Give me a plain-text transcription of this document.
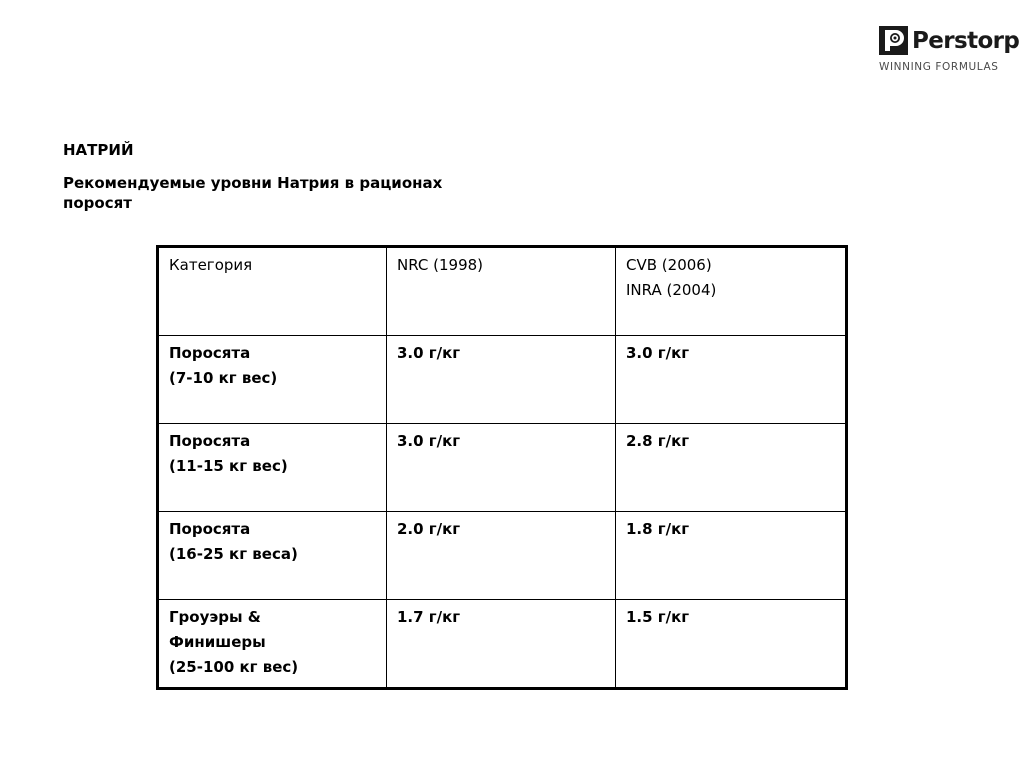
Perstorp
WINNING FORMULAS

НАТРИЙ

Рекомендуемые уровни Натрия в рационах поросят

Категория	NRC (1998)	CVB (2006)
INRA (2004)

Поросята
(7-10 кг вес)	3.0 г/кг	3.0 г/кг

Поросята
(11-15 кг вес)	3.0 г/кг	2.8 г/кг

Поросята
(16-25 кг веса)	2.0 г/кг	1.8 г/кг

Гроуэры &
Финишеры
(25-100 кг вес)	1.7 г/кг	1.5 г/кг
